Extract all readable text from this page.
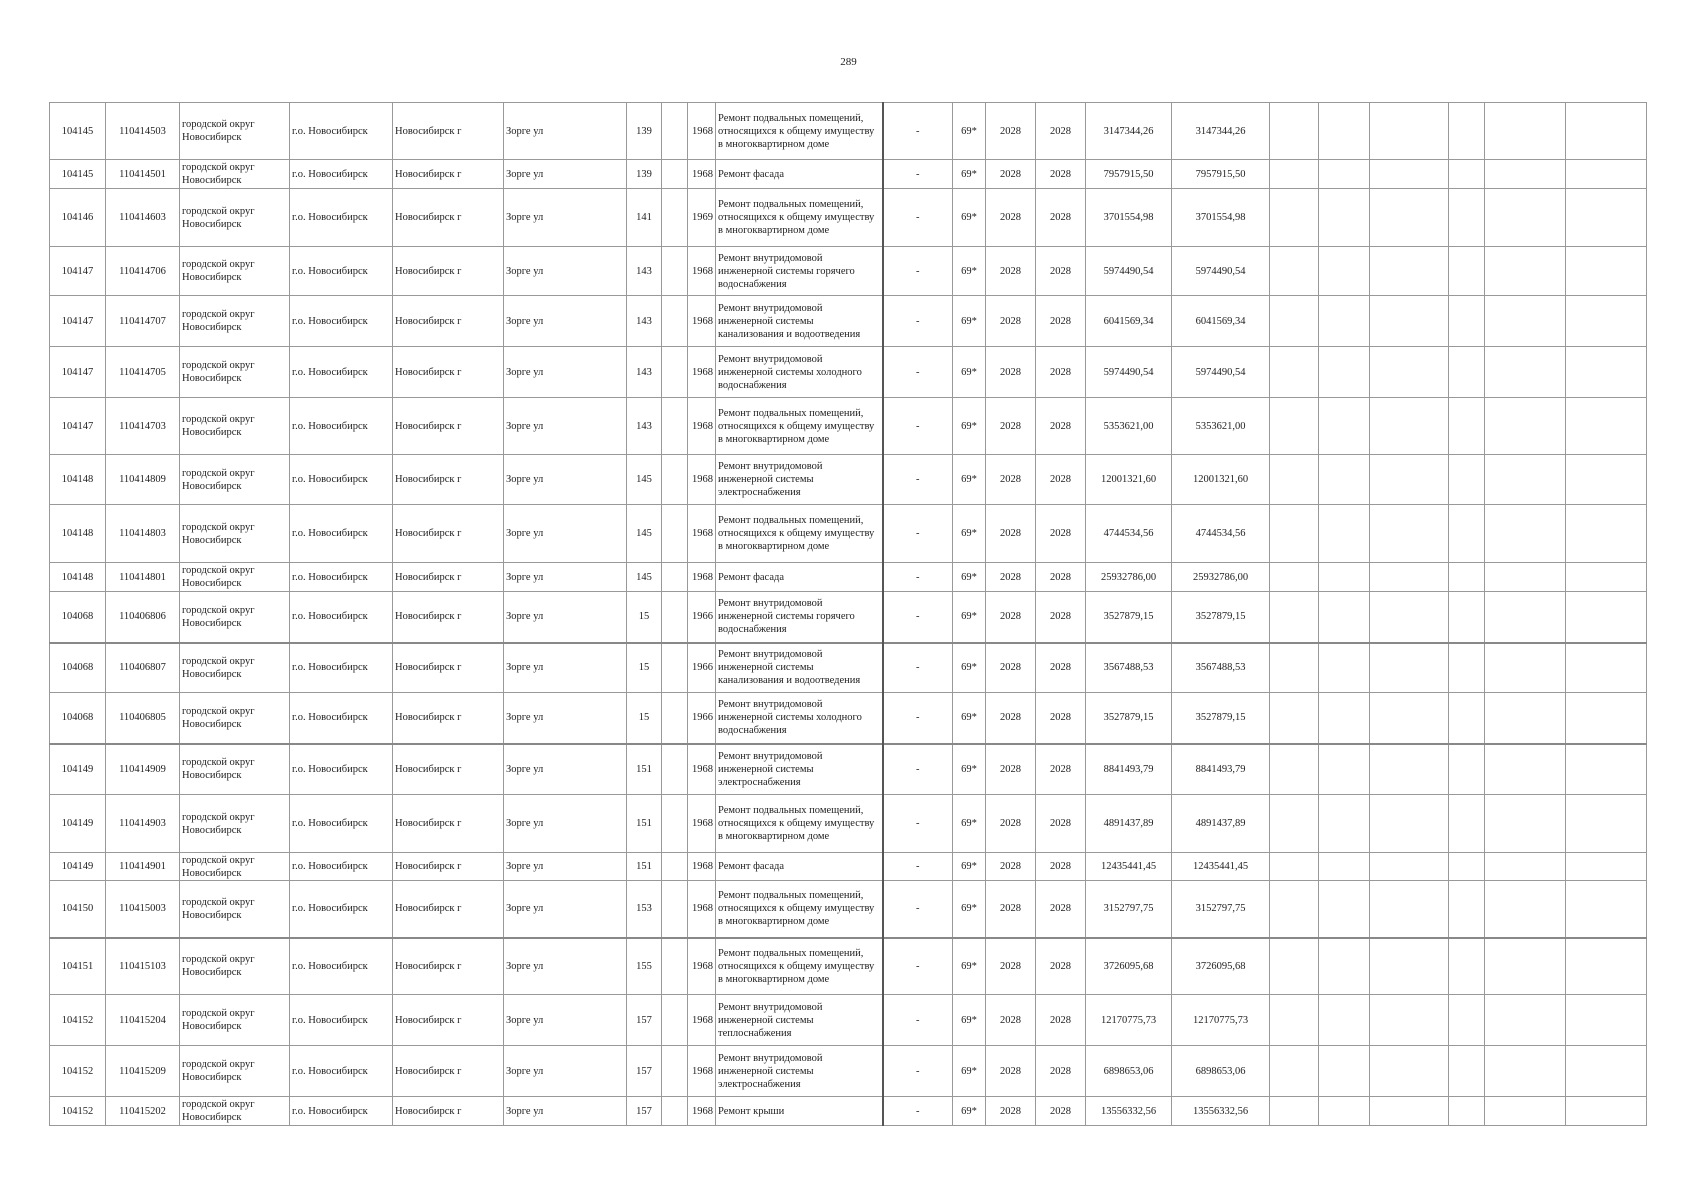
289
104145	110414503	городской округ Новосибирск	г.о. Новосибирск	Новосибирск г	Зорге ул	139		1968	Ремонт подвальных помещений, относящихся к общему имуществу в многоквартирном доме	-	69*	2028	2028	3147344,26	3147344,26						
104145	110414501	городской округ Новосибирск	г.о. Новосибирск	Новосибирск г	Зорге ул	139		1968	Ремонт фасада	-	69*	2028	2028	7957915,50	7957915,50						
104146	110414603	городской округ Новосибирск	г.о. Новосибирск	Новосибирск г	Зорге ул	141		1969	Ремонт подвальных помещений, относящихся к общему имуществу в многоквартирном доме	-	69*	2028	2028	3701554,98	3701554,98						
104147	110414706	городской округ Новосибирск	г.о. Новосибирск	Новосибирск г	Зорге ул	143		1968	Ремонт внутридомовой инженерной системы горячего водоснабжения	-	69*	2028	2028	5974490,54	5974490,54						
104147	110414707	городской округ Новосибирск	г.о. Новосибирск	Новосибирск г	Зорге ул	143		1968	Ремонт внутридомовой инженерной системы канализования и водоотведения	-	69*	2028	2028	6041569,34	6041569,34						
104147	110414705	городской округ Новосибирск	г.о. Новосибирск	Новосибирск г	Зорге ул	143		1968	Ремонт внутридомовой инженерной системы холодного водоснабжения	-	69*	2028	2028	5974490,54	5974490,54						
104147	110414703	городской округ Новосибирск	г.о. Новосибирск	Новосибирск г	Зорге ул	143		1968	Ремонт подвальных помещений, относящихся к общему имуществу в многоквартирном доме	-	69*	2028	2028	5353621,00	5353621,00						
104148	110414809	городской округ Новосибирск	г.о. Новосибирск	Новосибирск г	Зорге ул	145		1968	Ремонт внутридомовой инженерной системы электроснабжения	-	69*	2028	2028	12001321,60	12001321,60						
104148	110414803	городской округ Новосибирск	г.о. Новосибирск	Новосибирск г	Зорге ул	145		1968	Ремонт подвальных помещений, относящихся к общему имуществу в многоквартирном доме	-	69*	2028	2028	4744534,56	4744534,56						
104148	110414801	городской округ Новосибирск	г.о. Новосибирск	Новосибирск г	Зорге ул	145		1968	Ремонт фасада	-	69*	2028	2028	25932786,00	25932786,00						
104068	110406806	городской округ Новосибирск	г.о. Новосибирск	Новосибирск г	Зорге ул	15		1966	Ремонт внутридомовой инженерной системы горячего водоснабжения	-	69*	2028	2028	3527879,15	3527879,15						
104068	110406807	городской округ Новосибирск	г.о. Новосибирск	Новосибирск г	Зорге ул	15		1966	Ремонт внутридомовой инженерной системы канализования и водоотведения	-	69*	2028	2028	3567488,53	3567488,53						
104068	110406805	городской округ Новосибирск	г.о. Новосибирск	Новосибирск г	Зорге ул	15		1966	Ремонт внутридомовой инженерной системы холодного водоснабжения	-	69*	2028	2028	3527879,15	3527879,15						
104149	110414909	городской округ Новосибирск	г.о. Новосибирск	Новосибирск г	Зорге ул	151		1968	Ремонт внутридомовой инженерной системы электроснабжения	-	69*	2028	2028	8841493,79	8841493,79						
104149	110414903	городской округ Новосибирск	г.о. Новосибирск	Новосибирск г	Зорге ул	151		1968	Ремонт подвальных помещений, относящихся к общему имуществу в многоквартирном доме	-	69*	2028	2028	4891437,89	4891437,89						
104149	110414901	городской округ Новосибирск	г.о. Новосибирск	Новосибирск г	Зорге ул	151		1968	Ремонт фасада	-	69*	2028	2028	12435441,45	12435441,45						
104150	110415003	городской округ Новосибирск	г.о. Новосибирск	Новосибирск г	Зорге ул	153		1968	Ремонт подвальных помещений, относящихся к общему имуществу в многоквартирном доме	-	69*	2028	2028	3152797,75	3152797,75						
104151	110415103	городской округ Новосибирск	г.о. Новосибирск	Новосибирск г	Зорге ул	155		1968	Ремонт подвальных помещений, относящихся к общему имуществу в многоквартирном доме	-	69*	2028	2028	3726095,68	3726095,68						
104152	110415204	городской округ Новосибирск	г.о. Новосибирск	Новосибирск г	Зорге ул	157		1968	Ремонт внутридомовой инженерной системы теплоснабжения	-	69*	2028	2028	12170775,73	12170775,73						
104152	110415209	городской округ Новосибирск	г.о. Новосибирск	Новосибирск г	Зорге ул	157		1968	Ремонт внутридомовой инженерной системы электроснабжения	-	69*	2028	2028	6898653,06	6898653,06						
104152	110415202	городской округ Новосибирск	г.о. Новосибирск	Новосибирск г	Зорге ул	157		1968	Ремонт крыши	-	69*	2028	2028	13556332,56	13556332,56						
